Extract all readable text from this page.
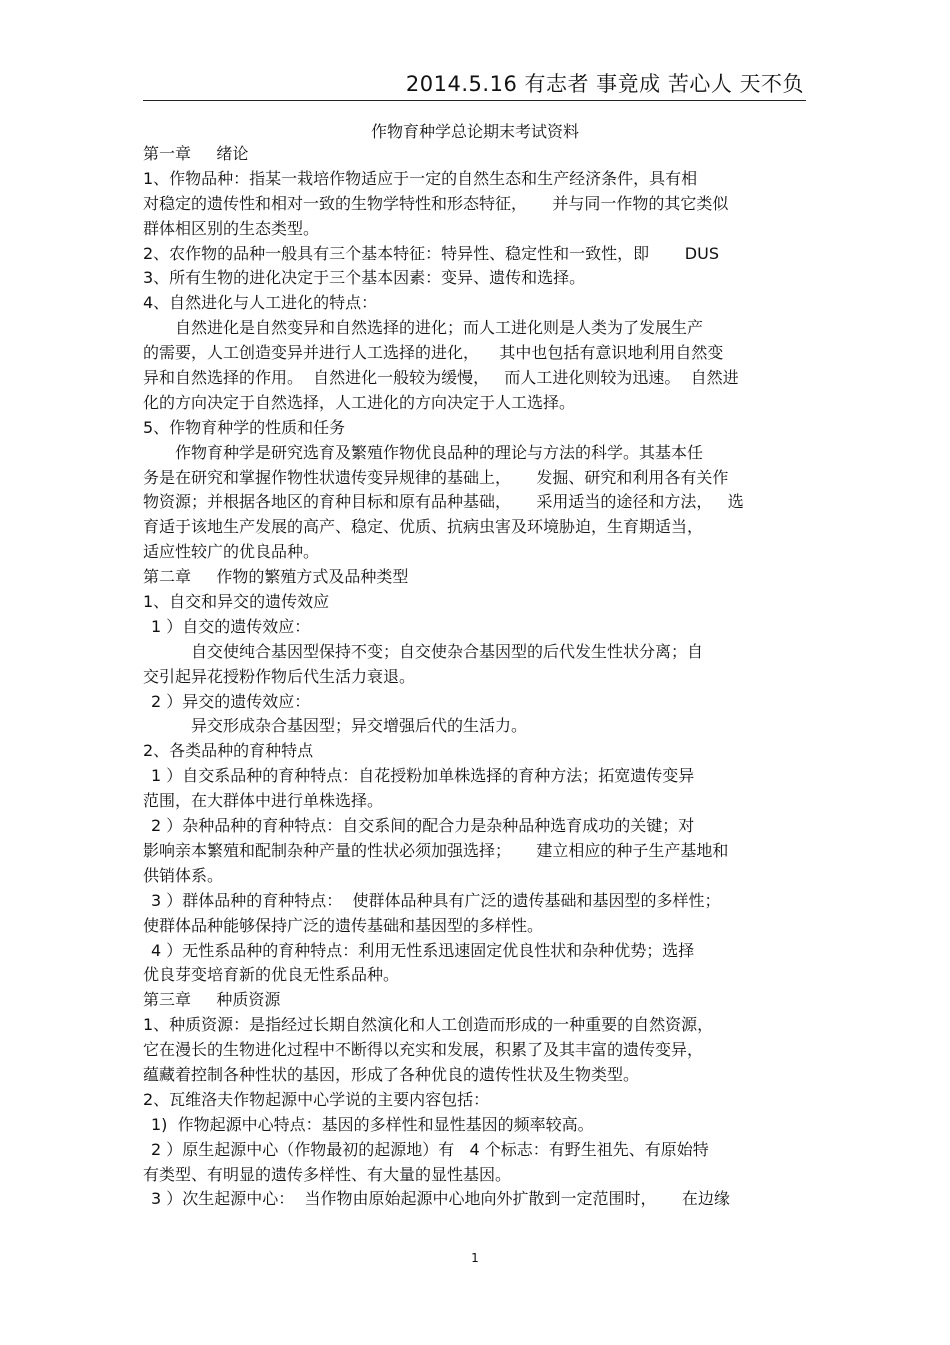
2014.5.16 有志者 事竟成 苦心人 天不负
作物育种学总论期末考试资料
第一章     绪论
1、作物品种：指某一栽培作物适应于一定的自然生态和生产经济条件，具有相
对稳定的遗传性和相对一致的生物学特性和形态特征，     并与同一作物的其它类似
群体相区别的生态类型。
2、农作物的品种一般具有三个基本特征：特异性、稳定性和一致性，即       DUS
3、所有生物的进化决定于三个基本因素：变异、遗传和选择。
4、自然进化与人工进化的特点：
自然进化是自然变异和自然选择的进化；而人工进化则是人类为了发展生产
的需要，人工创造变异并进行人工选择的进化，    其中也包括有意识地利用自然变
异和自然选择的作用。  自然进化一般较为缓慢，   而人工进化则较为迅速。  自然进
化的方向决定于自然选择，人工进化的方向决定于人工选择。
5、作物育种学的性质和任务
作物育种学是研究选育及繁殖作物优良品种的理论与方法的科学。其基本任
务是在研究和掌握作物性状遗传变异规律的基础上，     发掘、研究和利用各有关作
物资源；并根据各地区的育种目标和原有品种基础，     采用适当的途径和方法，   选
育适于该地生产发展的高产、稳定、优质、抗病虫害及环境胁迫，生育期适当，
适应性较广的优良品种。
第二章     作物的繁殖方式及品种类型
1、自交和异交的遗传效应
1 ）自交的遗传效应：
自交使纯合基因型保持不变；自交使杂合基因型的后代发生性状分离；自
交引起异花授粉作物后代生活力衰退。
2 ）异交的遗传效应：
异交形成杂合基因型；异交增强后代的生活力。
2、各类品种的育种特点
1 ）自交系品种的育种特点：自花授粉加单株选择的育种方法；拓宽遗传变异
范围，在大群体中进行单株选择。
2 ）杂种品种的育种特点：自交系间的配合力是杂种品种选育成功的关键；对
影响亲本繁殖和配制杂种产量的性状必须加强选择；     建立相应的种子生产基地和
供销体系。
3 ）群体品种的育种特点：  使群体品种具有广泛的遗传基础和基因型的多样性；
使群体品种能够保持广泛的遗传基础和基因型的多样性。
4 ）无性系品种的育种特点：利用无性系迅速固定优良性状和杂种优势；选择
优良芽变培育新的优良无性系品种。
第三章     种质资源
1、种质资源：是指经过长期自然演化和人工创造而形成的一种重要的自然资源，
它在漫长的生物进化过程中不断得以充实和发展，积累了及其丰富的遗传变异，
蕴藏着控制各种性状的基因，形成了各种优良的遗传性状及生物类型。
2、瓦维洛夫作物起源中心学说的主要内容包括：
1)  作物起源中心特点：基因的多样性和显性基因的频率较高。
2 ）原生起源中心（作物最初的起源地）有   4 个标志：有野生祖先、有原始特
有类型、有明显的遗传多样性、有大量的显性基因。
3 ）次生起源中心：  当作物由原始起源中心地向外扩散到一定范围时，     在边缘
1
